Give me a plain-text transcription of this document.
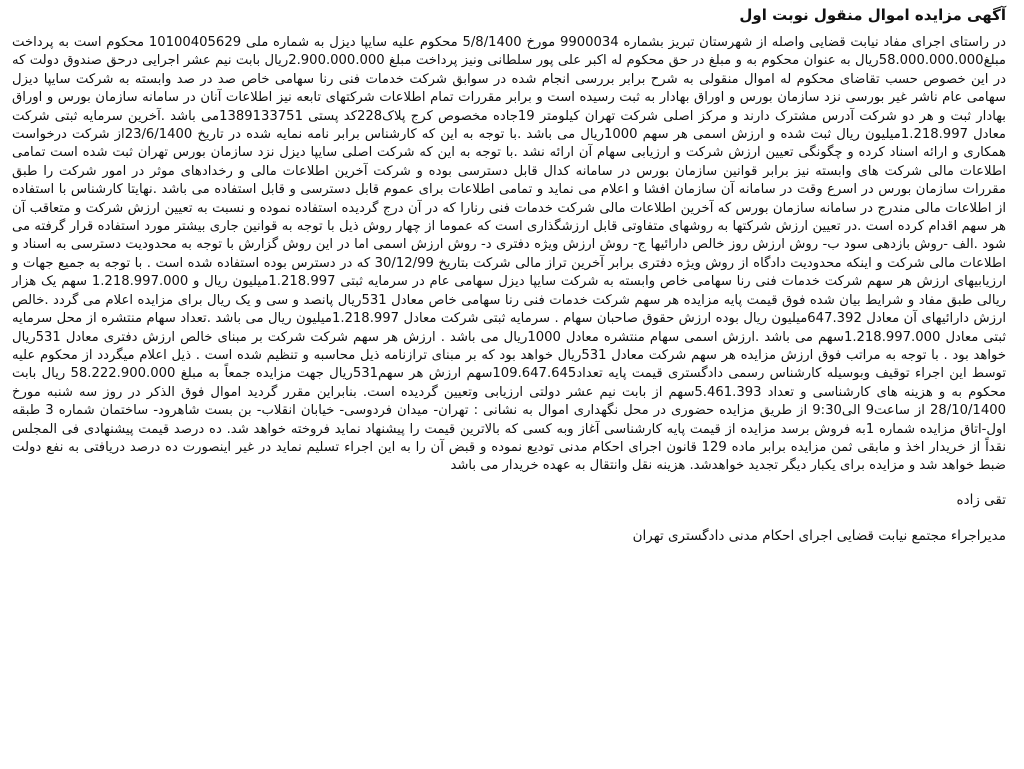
آگهی مزایده اموال منقول نوبت اول

در راستای اجرای مفاد نیابت قضایی واصله از شهرستان تبریز بشماره 9900034 مورخ 5/8/1400 محکوم علیه سایپا دیزل به شماره ملی 10100405629 محکوم است به پرداخت مبلغ58.000.000.000ریال به عنوان محکوم به و مبلغ در حق محکوم له اکبر علی پور سلطانی ونیز پرداخت مبلغ 2.900.000.000ریال بابت نیم عشر اجرایی درحق صندوق دولت که در این خصوص حسب تقاضای محکوم له اموال منقولی به شرح برابر بررسی انجام شده در سوابق شرکت خدمات فنی رنا سهامی خاص صد در صد وابسته به شرکت سایپا دیزل سهامی عام ناشر غیر بورسی نزد سازمان بورس و اوراق بهادار به ثبت رسیده است و برابر مقررات تمام اطلاعات شرکتهای تابعه نیز اطلاعات آنان در سامانه سازمان بورس و اوراق بهادار ثبت و هر دو شرکت آدرس مشترک دارند و مرکز اصلی شرکت تهران کیلومتر 19جاده مخصوص کرج پلاک228کد پستی 1389133751می باشد .آخرین سرمایه ثبتی شرکت معادل 1.218.997میلیون ریال ثبت شده و ارزش اسمی هر سهم 1000ریال می باشد .با توجه به این که کارشناس برابر نامه نمایه شده در تاریخ 23/6/1400از شرکت درخواست همکاری و ارائه اسناد کرده و چگونگی تعیین ارزش شرکت و ارزیابی سهام آن ارائه نشد .با توجه به این که شرکت اصلی سایپا دیزل نزد سازمان بورس تهران ثبت شده است تمامی اطلاعات مالی شرکت های وابسته نیز برابر قوانین سازمان بورس در سامانه کدال قابل دسترسی بوده و شرکت آخرین اطلاعات مالی و رخدادهای موثر در امور شرکت را طبق مقررات سازمان بورس در اسرع وقت در سامانه آن سازمان افشا و اعلام می نماید و تمامی اطلاعات برای عموم قابل دسترسی و قابل استفاده می باشد .نهایتا کارشناس با استفاده از اطلاعات مالی مندرج در سامانه سازمان بورس که آخرین اطلاعات مالی شرکت خدمات فنی رنارا که در آن درج گردیده استفاده نموده و نسبت به تعیین ارزش شرکت و متعاقب آن هر سهم اقدام کرده است .در تعیین ارزش شرکتها به روشهای متفاوتی قابل ارزشگذاری است که عموما از چهار روش ذیل با توجه به قوانین جاری بیشتر مورد استفاده قرار گرفته می شود .الف -روش بازدهی سود ب- روش ارزش روز خالص دارائیها ج- روش ارزش ویژه دفتری د- روش ارزش اسمی اما در این روش گزارش با توجه به محدودیت دسترسی به اسناد و اطلاعات مالی شرکت و اینکه محدودیت دادگاه از روش ویژه دفتری برابر آخرین تراز مالی شرکت بتاریخ 30/12/99 که در دسترس بوده استفاده شده است . با توجه به جمیع جهات و ارزیابیهای ارزش هر سهم شرکت خدمات فنی رنا سهامی خاص وابسته به شرکت سایپا دیزل سهامی عام در سرمایه ثبتی 1.218.997میلیون ریال و 1.218.997.000 سهم یک هزار ریالی طبق مفاد و شرایط بیان شده فوق قیمت پایه مزایده هر سهم شرکت خدمات فنی رنا سهامی خاص معادل 531ریال پانصد و سی و یک ریال برای مزایده اعلام می گردد .خالص ارزش دارائیهای آن معادل 647.392میلیون ریال بوده ارزش حقوق صاحبان سهام . سرمایه ثبتی شرکت معادل 1.218.997میلیون ریال می باشد .تعداد سهام منتشره از محل سرمایه ثبتی معادل 1.218.997.000سهم می باشد .ارزش اسمی سهام منتشره معادل 1000ریال می باشد . ارزش هر سهم شرکت شرکت بر مبنای خالص ارزش دفتری معادل 531ریال خواهد بود . با توجه به مراتب فوق ارزش مزایده هر سهم شرکت معادل 531ریال خواهد بود که بر مبنای ترازنامه ذیل محاسبه و تنظیم شده است . ذیل اعلام میگردد از محکوم علیه توسط این اجراء توقیف وبوسیله کارشناس رسمی دادگستری قیمت پایه تعداد109.647.645سهم ارزش هر سهم531ریال جهت مزایده جمعاً به مبلغ 58.222.900.000 ریال بابت محکوم به و هزینه های کارشناسی و تعداد 5.461.393سهم از بابت نیم عشر دولتی ارزیابی وتعیین گردیده است. بنابراین مقرر گردید اموال فوق الذکر در روز سه شنبه مورخ 28/10/1400 از ساعت9 الی9:30 از طریق مزایده حضوری در محل نگهداری اموال به نشانی : تهران- میدان فردوسی- خیابان انقلاب- بن بست شاهرود- ساختمان شماره 3 طبقه اول-اتاق مزایده شماره 1به فروش برسد مزایده از قیمت پایه کارشناسی آغاز وبه کسی که بالاترین قیمت را پیشنهاد نماید فروخته خواهد شد. ده درصد قیمت پیشنهادی فی المجلس نقداً از خریدار اخذ و مابقی ثمن مزایده برابر ماده 129 قانون اجرای احکام مدنی توديع نموده و قبض آن را به این اجراء تسلیم نماید در غیر اینصورت ده درصد دریافتی به نفع دولت ضبط خواهد شد و مزایده برای یکبار دیگر تجدید خواهدشد. هزینه نقل وانتقال به عهده خریدار می باشد

تقی زاده
مدیراجراء مجتمع نیابت قضایی اجرای احکام مدنی دادگستری تهران
